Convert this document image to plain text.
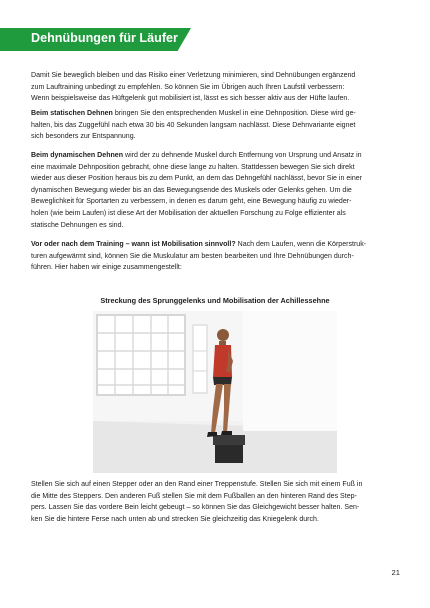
Dehnübungen für Läufer

Damit Sie beweglich bleiben und das Risiko einer Verletzung minimieren, sind Dehnübungen ergänzend

zum Lauftraining unbedingt zu empfehlen. So können Sie im Übrigen auch Ihren Laufstil verbessern:

Wenn beispielsweise das Hüftgelenk gut mobilisiert ist, lässt es sich besser aktiv aus der Hüfte laufen.

Beim statischen Dehnen bringen Sie den entsprechenden Muskel in eine Dehnposition. Diese wird ge-
halten, bis das Zuggefühl nach etwa 30 bis 40 Sekunden langsam nachlässt. Diese Dehnvariante eignet
sich besonders zur Entspannung.
Beim dynamischen Dehnen wird der zu dehnende Muskel durch Entfernung von Ursprung und Ansatz in
eine maximale Dehnposition gebracht, ohne diese lange zu halten. Stattdessen bewegen Sie sich direkt
wieder aus dieser Position heraus bis zu dem Punkt, an dem das Dehngefühl nachlässt, bevor Sie in einer
dynamischen Bewegung wieder bis an das Bewegungsende des Muskels oder Gelenks gehen. Um die
Beweglichkeit für Sportarten zu verbessern, in denen es darum geht, eine Bewegung häufig zu wieder-
holen (wie beim Laufen) ist diese Art der Mobilisation der aktuellen Forschung zu Folge effizienter als
statische Dehnungen es sind.
Vor oder nach dem Training – wann ist Mobilisation sinnvoll? Nach dem Laufen, wenn die Körperstruk-
turen aufgewärmt sind, können Sie die Muskulatur am besten bearbeiten und Ihre Dehnübungen durch-
führen. Hier haben wir einige zusammengestellt:
Streckung des Sprunggelenks und Mobilisation der Achillessehne
Stellen Sie sich auf einen Stepper oder an den Rand einer Treppenstufe. Stellen Sie sich mit einem Fuß in
die Mitte des Steppers. Den anderen Fuß stellen Sie mit dem Fußballen an den hinteren Rand des Step-
pers. Lassen Sie das vordere Bein leicht gebeugt – so können Sie das Gleichgewicht besser halten. Sen-
ken Sie die hintere Ferse nach unten ab und strecken Sie gleichzeitig das Kniegelenk durch.
21
